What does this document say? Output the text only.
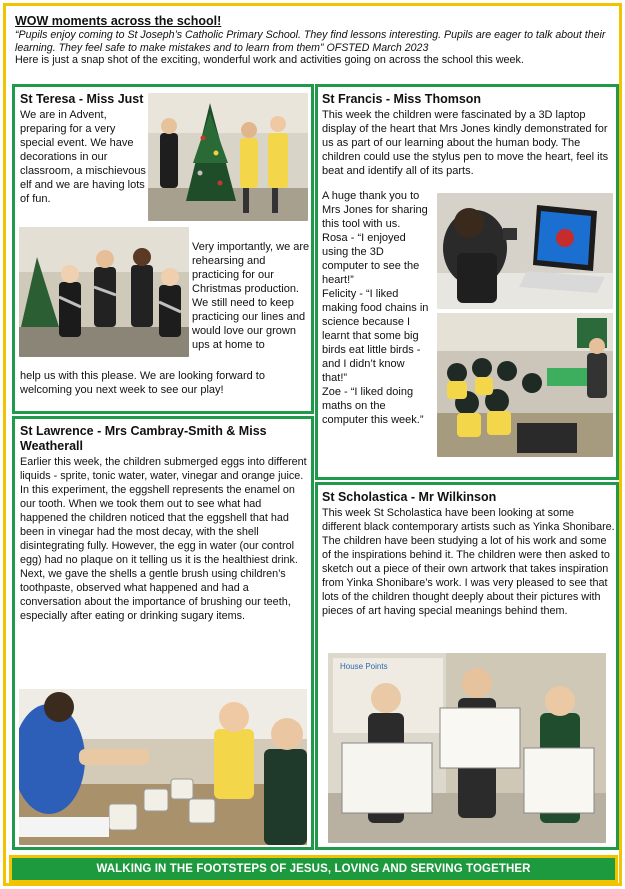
WOW moments across the school!
“Pupils enjoy coming to St Joseph’s Catholic Primary School. They find lessons interesting. Pupils are eager to talk about their learning. They feel safe to make mistakes and to learn from them” OFSTED March 2023
Here is just a snap shot of the exciting, wonderful work and activities going on across the school this week.
St Teresa - Miss Just
We are in Advent, preparing for a very special event. We have decorations in our classroom, a mischievous elf and we are having lots of fun.
Very importantly, we are rehearsing and practicing for our Christmas production. We still need to keep practicing our lines and would love our grown ups at home to
help us with this please. We are looking forward to welcoming you next week to see our play!
St Francis - Miss Thomson
This week the children were fascinated by a 3D laptop display of the heart that Mrs Jones kindly demonstrated for us as part of our learning about the human body. The children could use the stylus pen to move the heart, feel its beat and identify all of its parts.
A huge thank you to Mrs Jones for sharing this tool with us.
Rosa - “I enjoyed using the 3D computer to see the heart!”
Felicity - “I liked making food chains in science because I learnt that some big birds eat little birds - and I didn’t know that!”
Zoe - “I liked doing maths on the computer this week.”
St Lawrence - Mrs Cambray-Smith & Miss Weatherall
Earlier this week, the children submerged eggs into different liquids - sprite, tonic water, water, vinegar and orange juice. In this experiment, the eggshell represents the enamel on our tooth. When we took them out to see what had happened the children noticed that the eggshell that had been in vinegar had the most decay, with the shell disintegrating fully. However, the egg in water (our control egg) had no plaque on it telling us it is the healthiest drink. Next, we gave the shells a gentle brush using children’s toothpaste, observed what happened and had a conversation about the importance of brushing our teeth, especially after eating or drinking sugary items.
St Scholastica - Mr Wilkinson
This week St Scholastica have been looking at some different black contemporary artists such as Yinka Shonibare. The children have been studying a lot of his work and some of the inspirations behind it. The children were then asked to sketch out a piece of their own artwork that takes inspiration from Yinka Shonibare’s work. I was very pleased to see that lots of the children thought deeply about their pictures with pieces of art having special meanings behind them.
House Points
WALKING IN THE FOOTSTEPS OF JESUS, LOVING AND SERVING TOGETHER
